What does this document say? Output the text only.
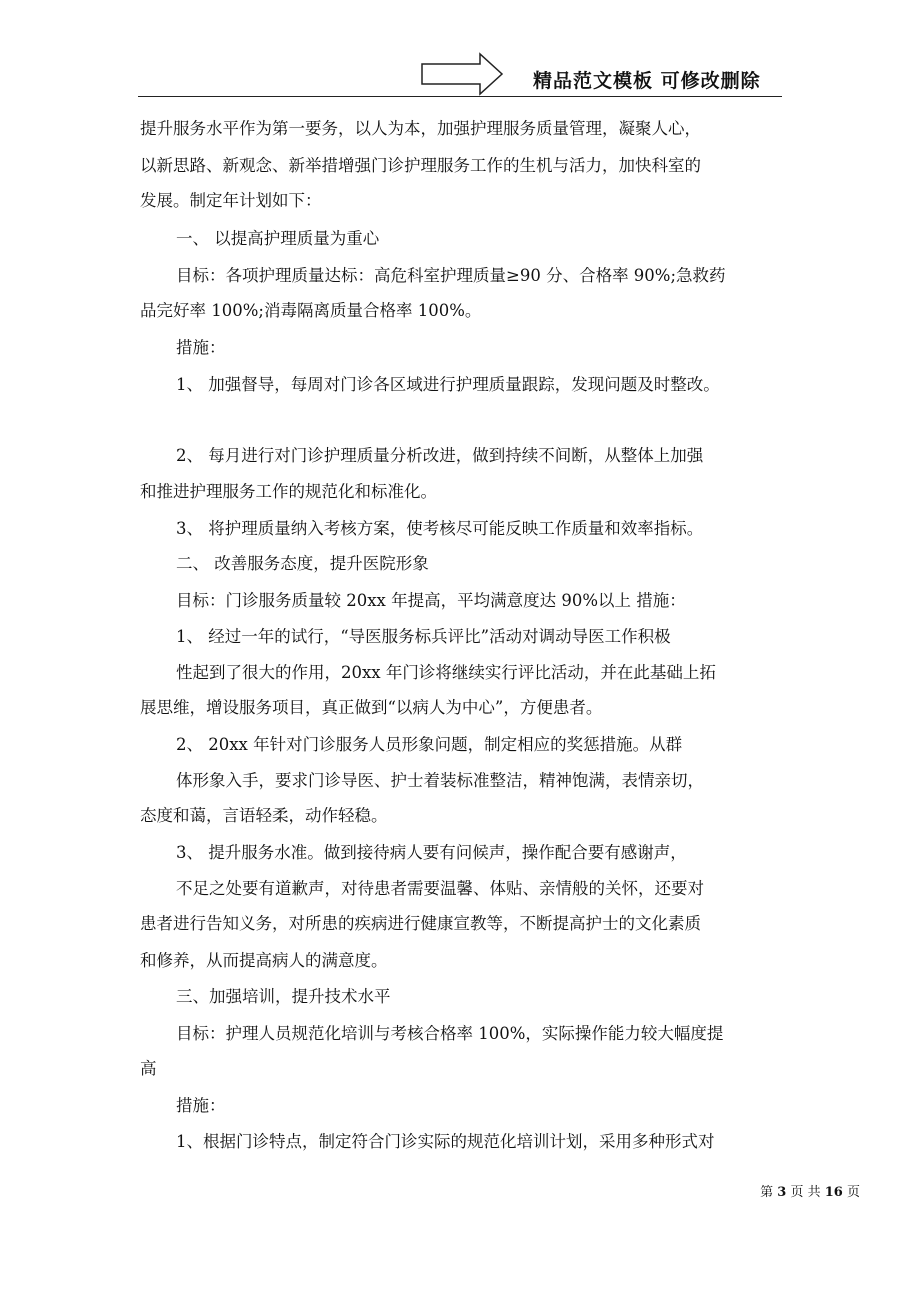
精品范文模板 可修改删除
提升服务水平作为第一要务，以人为本，加强护理服务质量管理，凝聚人心，
以新思路、新观念、新举措增强门诊护理服务工作的生机与活力，加快科室的
发展。制定年计划如下：
一、 以提高护理质量为重心
目标：各项护理质量达标：高危科室护理质量≥90 分、合格率 90%;急救药
品完好率 100%;消毒隔离质量合格率 100%。
措施：
1、 加强督导，每周对门诊各区域进行护理质量跟踪，发现问题及时整改。
2、 每月进行对门诊护理质量分析改进，做到持续不间断，从整体上加强
和推进护理服务工作的规范化和标准化。
3、 将护理质量纳入考核方案，使考核尽可能反映工作质量和效率指标。
二、 改善服务态度，提升医院形象
目标：门诊服务质量较 20xx 年提高，平均满意度达 90%以上 措施：
1、 经过一年的试行，“导医服务标兵评比”活动对调动导医工作积极
性起到了很大的作用，20xx 年门诊将继续实行评比活动，并在此基础上拓
展思维，增设服务项目，真正做到“以病人为中心”，方便患者。
2、 20xx 年针对门诊服务人员形象问题，制定相应的奖惩措施。从群
体形象入手，要求门诊导医、护士着装标准整洁，精神饱满，表情亲切，
态度和蔼，言语轻柔，动作轻稳。
3、 提升服务水准。做到接待病人要有问候声，操作配合要有感谢声，
不足之处要有道歉声，对待患者需要温馨、体贴、亲情般的关怀，还要对
患者进行告知义务，对所患的疾病进行健康宣教等，不断提高护士的文化素质
和修养，从而提高病人的满意度。
三、加强培训，提升技术水平
目标：护理人员规范化培训与考核合格率 100%，实际操作能力较大幅度提
高
措施：
1、根据门诊特点，制定符合门诊实际的规范化培训计划，采用多种形式对
第 3 页 共 16 页
